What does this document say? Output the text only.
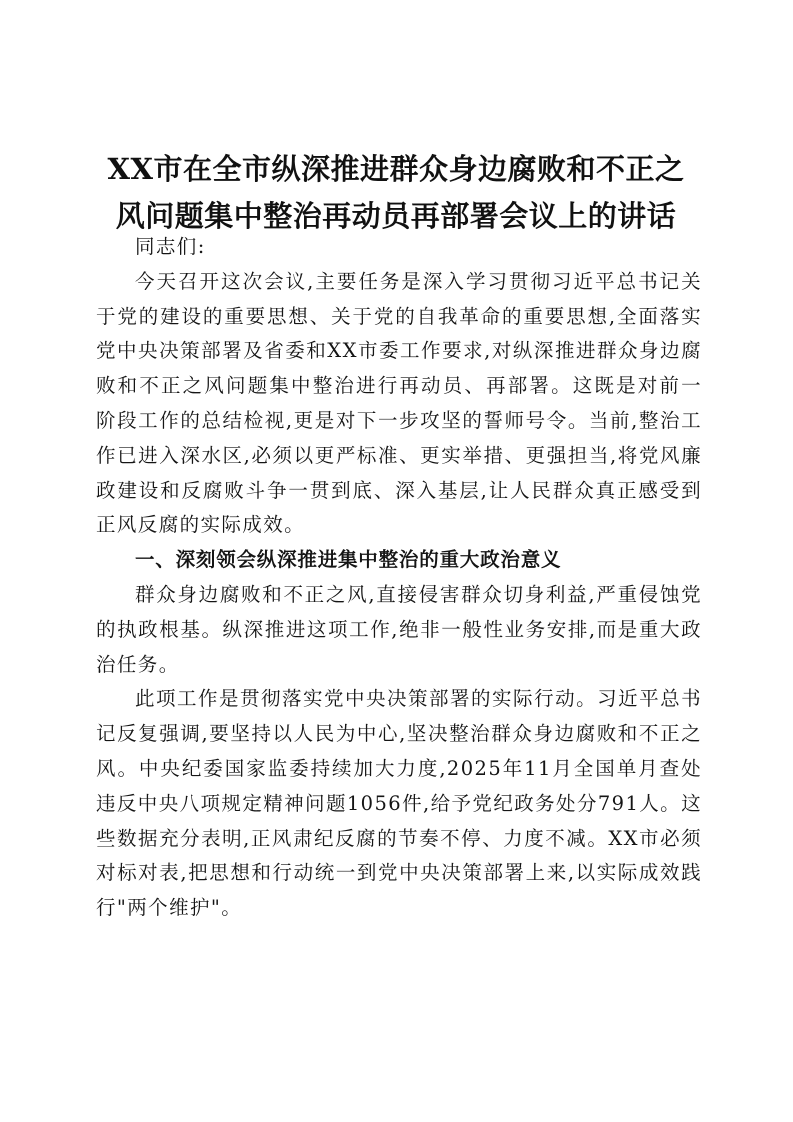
XX市在全市纵深推进群众身边腐败和不正之风问题集中整治再动员再部署会议上的讲话

同志们:

今天召开这次会议,主要任务是深入学习贯彻习近平总书记关于党的建设的重要思想、关于党的自我革命的重要思想,全面落实党中央决策部署及省委和XX市委工作要求,对纵深推进群众身边腐败和不正之风问题集中整治进行再动员、再部署。这既是对前一阶段工作的总结检视,更是对下一步攻坚的誓师号令。当前,整治工作已进入深水区,必须以更严标准、更实举措、更强担当,将党风廉政建设和反腐败斗争一贯到底、深入基层,让人民群众真正感受到正风反腐的实际成效。

一、深刻领会纵深推进集中整治的重大政治意义

群众身边腐败和不正之风,直接侵害群众切身利益,严重侵蚀党的执政根基。纵深推进这项工作,绝非一般性业务安排,而是重大政治任务。

此项工作是贯彻落实党中央决策部署的实际行动。习近平总书记反复强调,要坚持以人民为中心,坚决整治群众身边腐败和不正之风。中央纪委国家监委持续加大力度,2025年11月全国单月查处违反中央八项规定精神问题1056件,给予党纪政务处分791人。这些数据充分表明,正风肃纪反腐的节奏不停、力度不减。XX市必须对标对表,把思想和行动统一到党中央决策部署上来,以实际成效践行"两个维护"。
